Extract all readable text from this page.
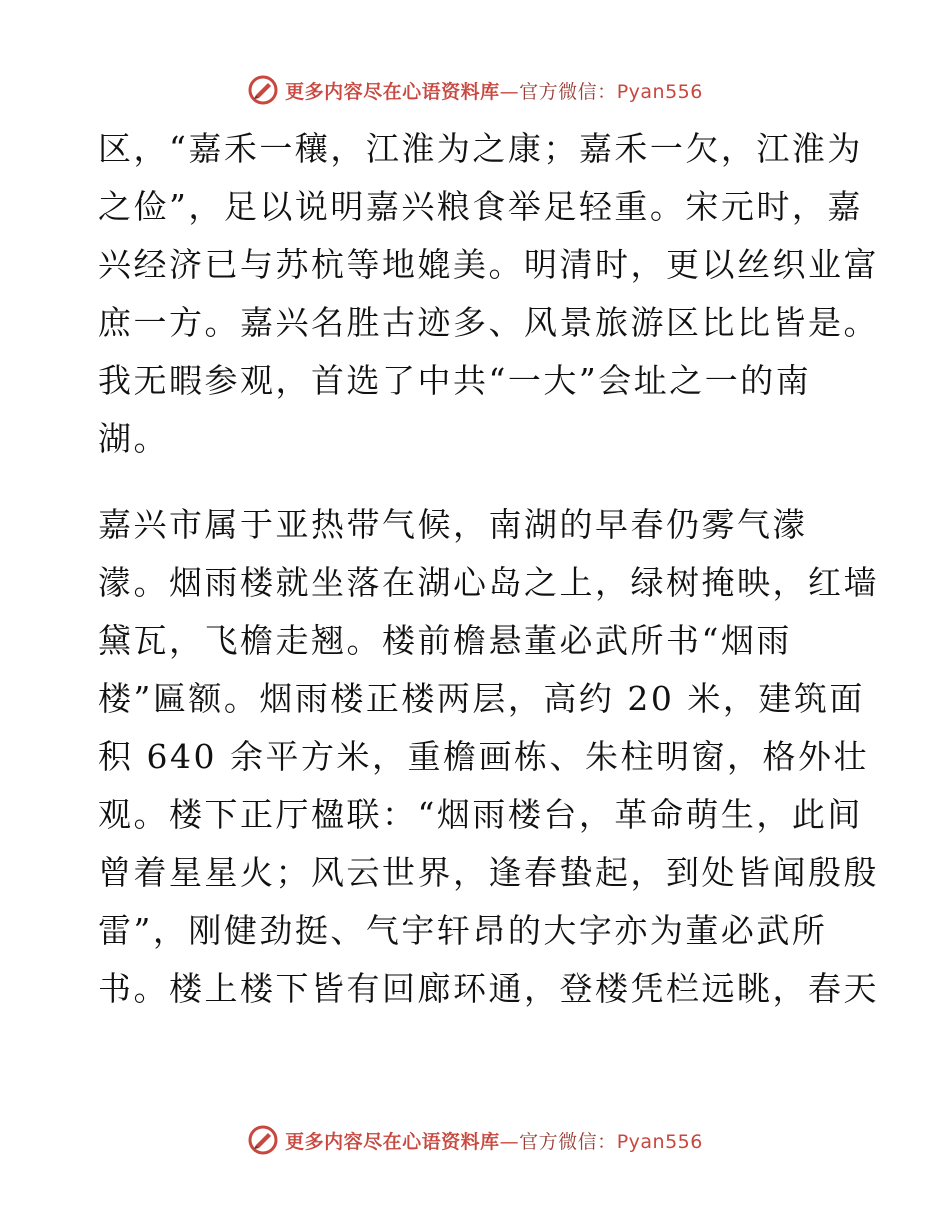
更多内容尽在心语资料库—官方微信：Pyan556

区，“嘉禾一穰，江淮为之康；嘉禾一欠，江淮为
之俭”，足以说明嘉兴粮食举足轻重。宋元时，嘉
兴经济已与苏杭等地媲美。明清时，更以丝织业富
庶一方。嘉兴名胜古迹多、风景旅游区比比皆是。
我无暇参观，首选了中共“一大”会址之一的南
湖。

嘉兴市属于亚热带气候，南湖的早春仍雾气濛
濛。烟雨楼就坐落在湖心岛之上，绿树掩映，红墙
黛瓦，飞檐走翘。楼前檐悬董必武所书“烟雨
楼”匾额。烟雨楼正楼两层，高约 20 米，建筑面
积 640 余平方米，重檐画栋、朱柱明窗，格外壮
观。楼下正厅楹联：“烟雨楼台，革命萌生，此间
曾着星星火；风云世界，逢春蛰起，到处皆闻殷殷
雷”，刚健劲挺、气宇轩昂的大字亦为董必武所
书。楼上楼下皆有回廊环通，登楼凭栏远眺，春天

更多内容尽在心语资料库—官方微信：Pyan556
